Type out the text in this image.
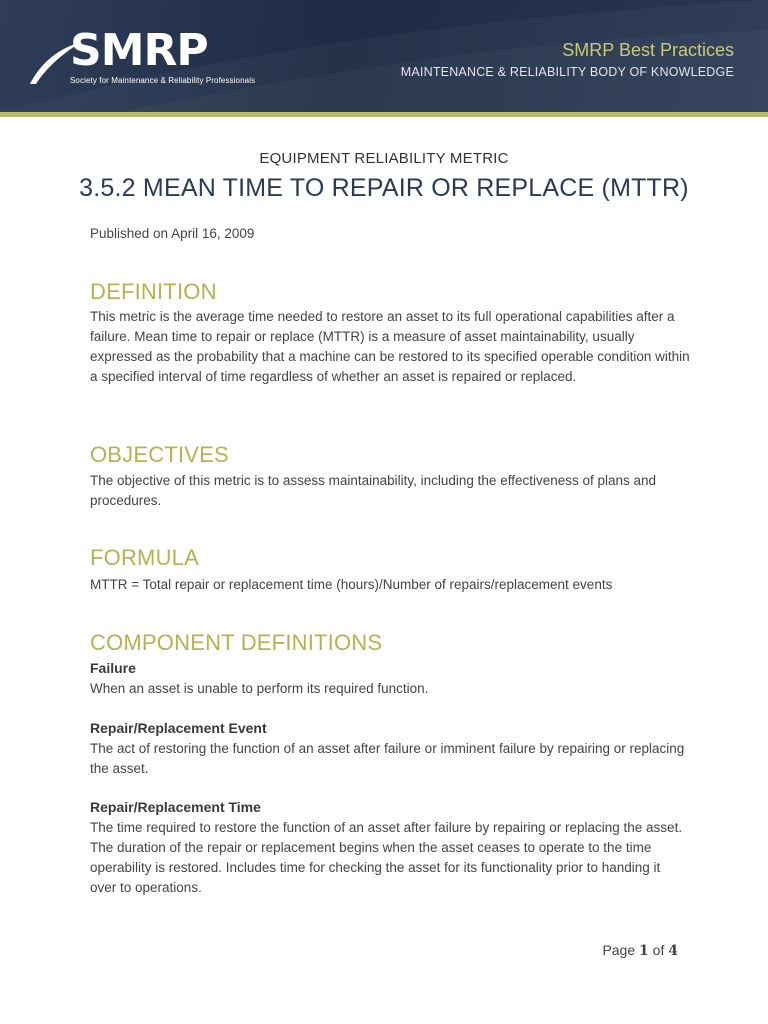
SMRP
Society for Maintenance & Reliability Professionals
SMRP Best Practices
MAINTENANCE & RELIABILITY BODY OF KNOWLEDGE
EQUIPMENT RELIABILITY METRIC
3.5.2 MEAN TIME TO REPAIR OR REPLACE (MTTR)
Published on April 16, 2009
DEFINITION
This metric is the average time needed to restore an asset to its full operational capabilities after a failure. Mean time to repair or replace (MTTR) is a measure of asset maintainability, usually expressed as the probability that a machine can be restored to its specified operable condition within a specified interval of time regardless of whether an asset is repaired or replaced.
OBJECTIVES
The objective of this metric is to assess maintainability, including the effectiveness of plans and procedures.
FORMULA
MTTR = Total repair or replacement time (hours)/Number of repairs/replacement events
COMPONENT DEFINITIONS
Failure
When an asset is unable to perform its required function.
Repair/Replacement Event
The act of restoring the function of an asset after failure or imminent failure by repairing or replacing the asset.
Repair/Replacement Time
The time required to restore the function of an asset after failure by repairing or replacing the asset. The duration of the repair or replacement begins when the asset ceases to operate to the time operability is restored. Includes time for checking the asset for its functionality prior to handing it over to operations.
Page 1 of 4
